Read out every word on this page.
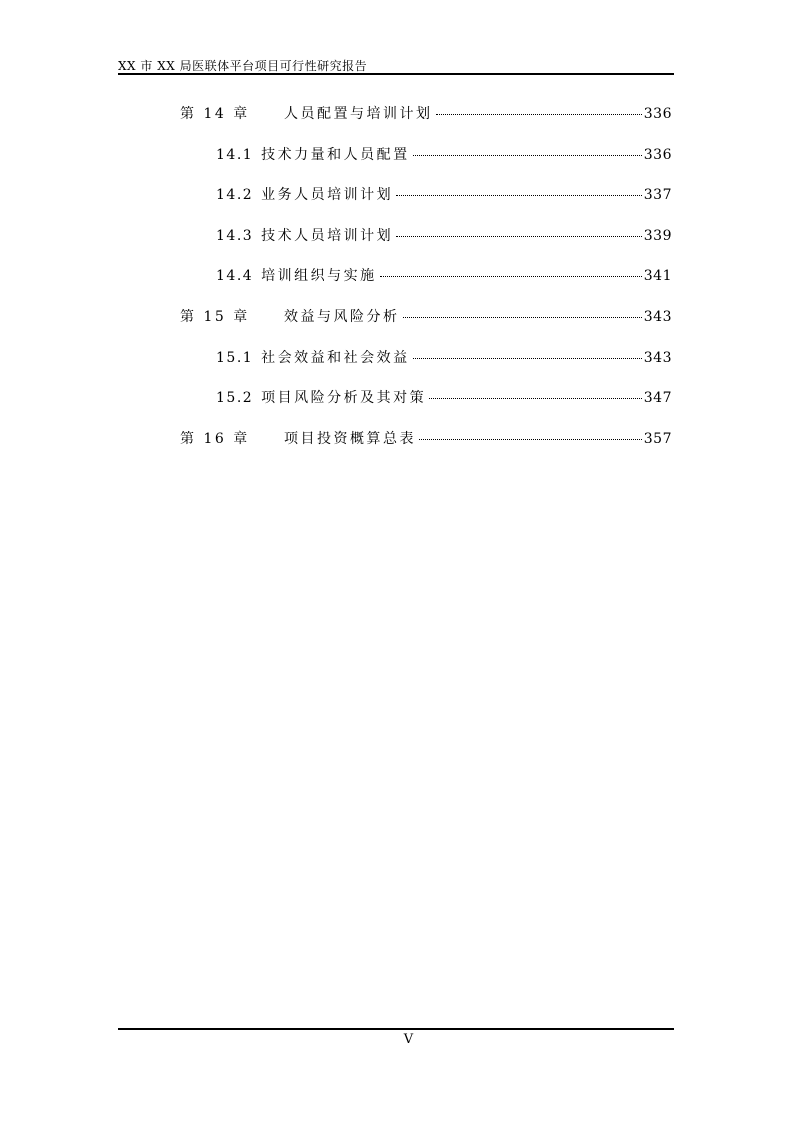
XX 市 XX 局医联体平台项目可行性研究报告
第 14 章	人员配置与培训计划	336
14.1 技术力量和人员配置	336
14.2 业务人员培训计划	337
14.3 技术人员培训计划	339
14.4 培训组织与实施	341
第 15 章	效益与风险分析	343
15.1 社会效益和社会效益	343
15.2 项目风险分析及其对策	347
第 16 章	项目投资概算总表	357
V
